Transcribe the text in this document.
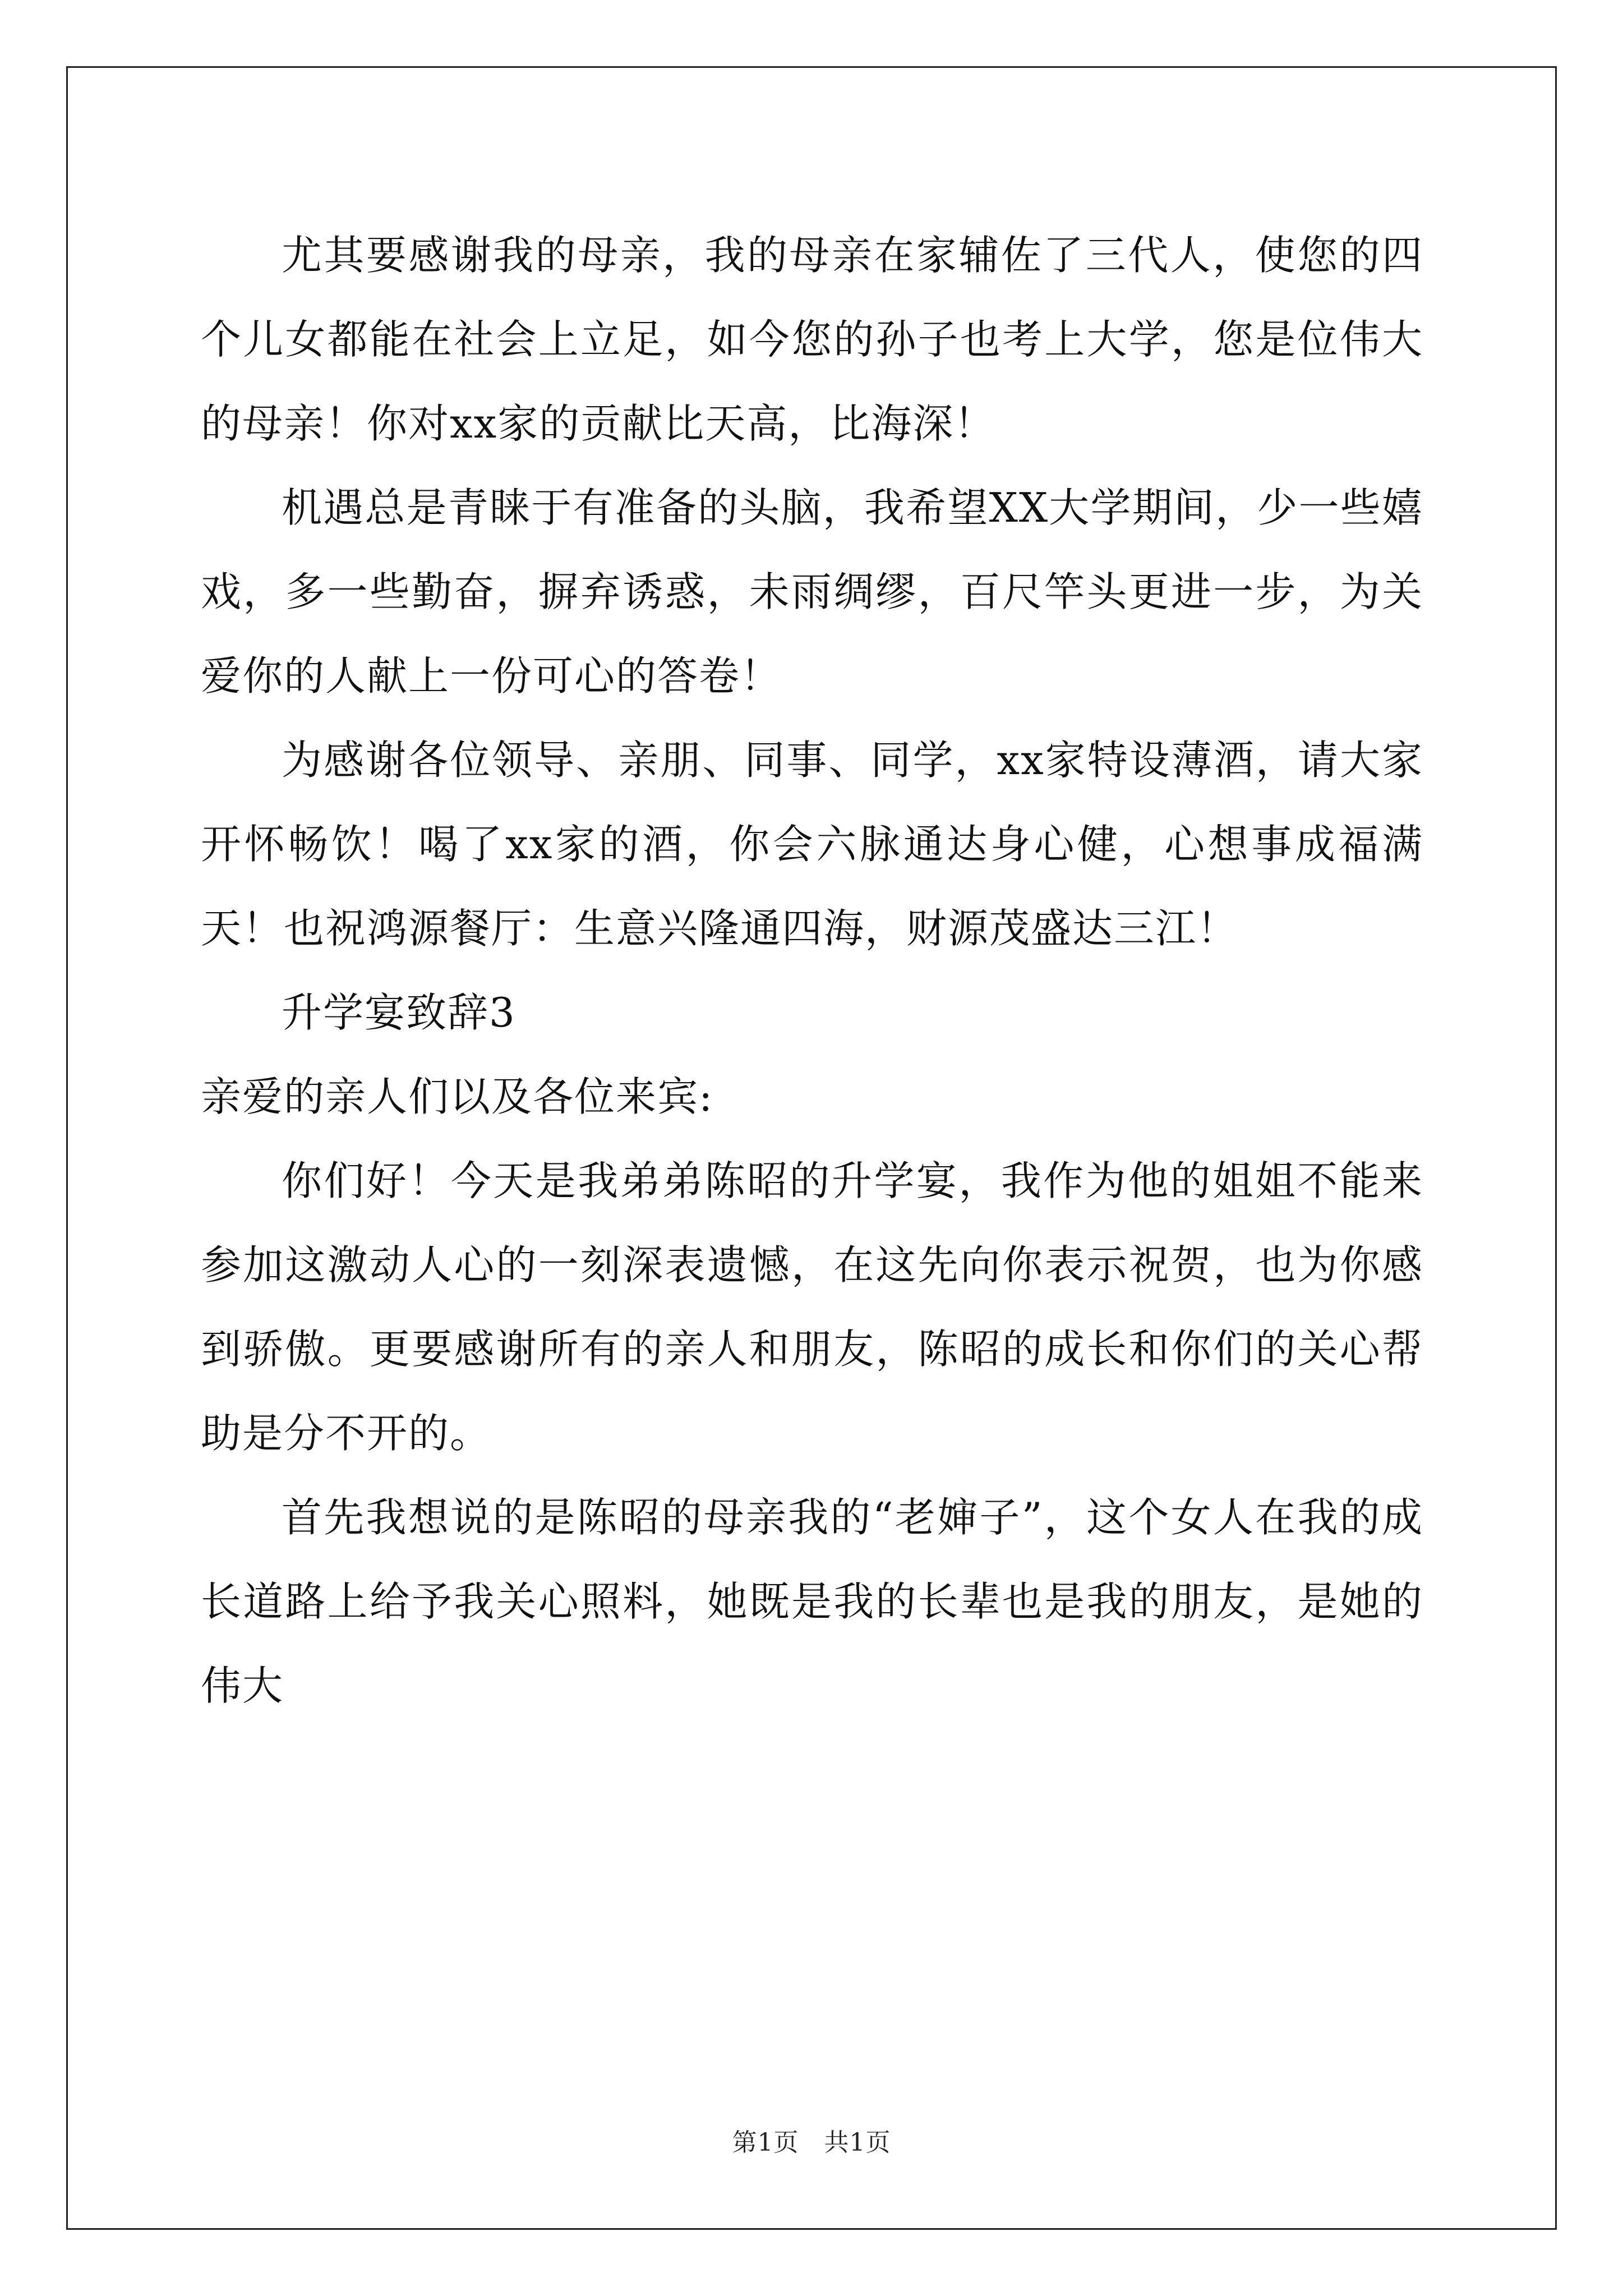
尤其要感谢我的母亲，我的母亲在家辅佐了三代人，使您的四个儿女都能在社会上立足，如今您的孙子也考上大学，您是位伟大的母亲！你对xx家的贡献比天高，比海深！

机遇总是青睐于有准备的头脑，我希望XX大学期间，少一些嬉戏，多一些勤奋，摒弃诱惑，未雨绸缪，百尺竿头更进一步，为关爱你的人献上一份可心的答卷！

为感谢各位领导、亲朋、同事、同学，xx家特设薄酒，请大家开怀畅饮！喝了xx家的酒，你会六脉通达身心健，心想事成福满天！也祝鸿源餐厅：生意兴隆通四海，财源茂盛达三江！

升学宴致辞3

亲爱的亲人们以及各位来宾:

你们好！今天是我弟弟陈昭的升学宴，我作为他的姐姐不能来参加这激动人心的一刻深表遗憾，在这先向你表示祝贺，也为你感到骄傲。更要感谢所有的亲人和朋友，陈昭的成长和你们的关心帮助是分不开的。

首先我想说的是陈昭的母亲我的“老婶子”，这个女人在我的成长道路上给予我关心照料，她既是我的长辈也是我的朋友，是她的伟大

第1页　共1页
